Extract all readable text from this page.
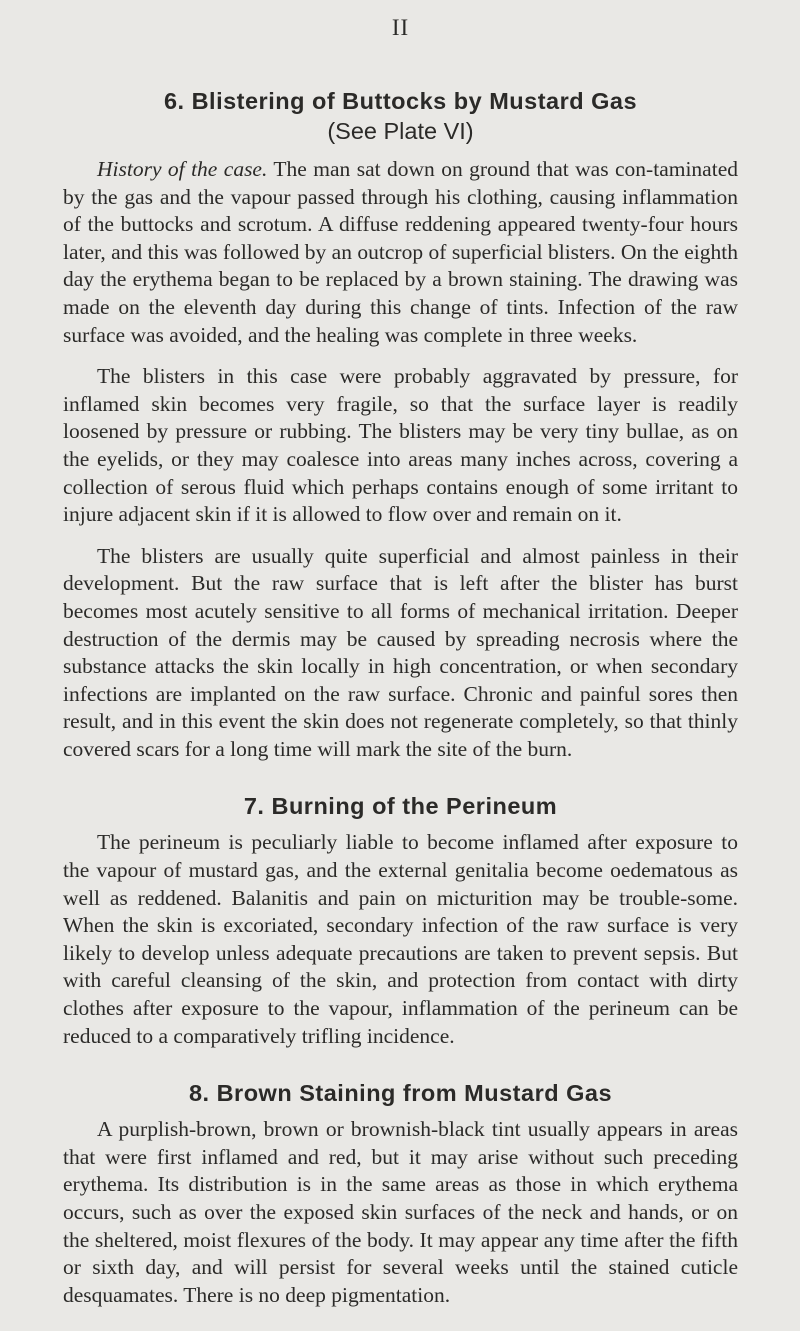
II
6. Blistering of Buttocks by Mustard Gas
(See Plate VI)

History of the case. The man sat down on ground that was con-taminated by the gas and the vapour passed through his clothing, causing inflammation of the buttocks and scrotum. A diffuse reddening appeared twenty-four hours later, and this was followed by an outcrop of superficial blisters. On the eighth day the erythema began to be replaced by a brown staining. The drawing was made on the eleventh day during this change of tints. Infection of the raw surface was avoided, and the healing was complete in three weeks.

The blisters in this case were probably aggravated by pressure, for inflamed skin becomes very fragile, so that the surface layer is readily loosened by pressure or rubbing. The blisters may be very tiny bullae, as on the eyelids, or they may coalesce into areas many inches across, covering a collection of serous fluid which perhaps contains enough of some irritant to injure adjacent skin if it is allowed to flow over and remain on it.

The blisters are usually quite superficial and almost painless in their development. But the raw surface that is left after the blister has burst becomes most acutely sensitive to all forms of mechanical irritation. Deeper destruction of the dermis may be caused by spreading necrosis where the substance attacks the skin locally in high concentration, or when secondary infections are implanted on the raw surface. Chronic and painful sores then result, and in this event the skin does not regenerate completely, so that thinly covered scars for a long time will mark the site of the burn.

7. Burning of the Perineum

The perineum is peculiarly liable to become inflamed after exposure to the vapour of mustard gas, and the external genitalia become oedematous as well as reddened. Balanitis and pain on micturition may be trouble-some. When the skin is excoriated, secondary infection of the raw surface is very likely to develop unless adequate precautions are taken to prevent sepsis. But with careful cleansing of the skin, and protection from contact with dirty clothes after exposure to the vapour, inflammation of the perineum can be reduced to a comparatively trifling incidence.

8. Brown Staining from Mustard Gas

A purplish-brown, brown or brownish-black tint usually appears in areas that were first inflamed and red, but it may arise without such preceding erythema. Its distribution is in the same areas as those in which erythema occurs, such as over the exposed skin surfaces of the neck and hands, or on the sheltered, moist flexures of the body. It may appear any time after the fifth or sixth day, and will persist for several weeks until the stained cuticle desquamates. There is no deep pigmentation.
